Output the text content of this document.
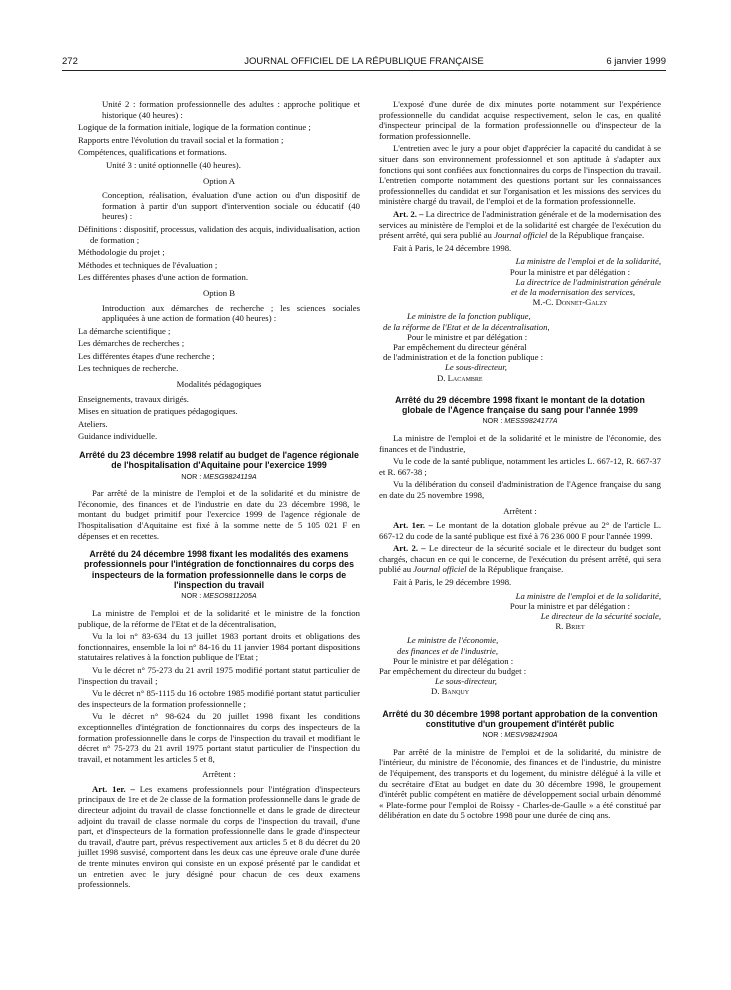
272	JOURNAL OFFICIEL DE LA RÉPUBLIQUE FRANÇAISE	6 janvier 1999

Unité 2 : formation professionnelle des adultes : approche politique et historique (40 heures) :

Logique de la formation initiale, logique de la formation continue ;

Rapports entre l'évolution du travail social et la formation ;

Compétences, qualifications et formations.

Unité 3 : unité optionnelle (40 heures).

Option A

Conception, réalisation, évaluation d'une action ou d'un dispositif de formation à partir d'un support d'intervention sociale ou éducatif (40 heures) :

Définitions : dispositif, processus, validation des acquis, individualisation, action de formation ;

Méthodologie du projet ;

Méthodes et techniques de l'évaluation ;

Les différentes phases d'une action de formation.

Option B

Introduction aux démarches de recherche ; les sciences sociales appliquées à une action de formation (40 heures) :

La démarche scientifique ;

Les démarches de recherches ;

Les différentes étapes d'une recherche ;

Les techniques de recherche.

Modalités pédagogiques

Enseignements, travaux dirigés.

Mises en situation de pratiques pédagogiques.

Ateliers.

Guidance individuelle.

Arrêté du 23 décembre 1998 relatif au budget de l'agence régionale de l'hospitalisation d'Aquitaine pour l'exercice 1999

NOR : MESG9824119A

Par arrêté de la ministre de l'emploi et de la solidarité et du ministre de l'économie, des finances et de l'industrie en date du 23 décembre 1998, le montant du budget primitif pour l'exercice 1999 de l'agence régionale de l'hospitalisation d'Aquitaine est fixé à la somme nette de 5 105 021 F en dépenses et en recettes.

Arrêté du 24 décembre 1998 fixant les modalités des examens professionnels pour l'intégration de fonctionnaires du corps des inspecteurs de la formation professionnelle dans le corps de l'inspection du travail

NOR : MESO9811205A

La ministre de l'emploi et de la solidarité et le ministre de la fonction publique, de la réforme de l'Etat et de la décentralisation,

Vu la loi n° 83-634 du 13 juillet 1983 portant droits et obligations des fonctionnaires, ensemble la loi n° 84-16 du 11 janvier 1984 portant dispositions statutaires relatives à la fonction publique de l'Etat ;

Vu le décret n° 75-273 du 21 avril 1975 modifié portant statut particulier de l'inspection du travail ;

Vu le décret n° 85-1115 du 16 octobre 1985 modifié portant statut particulier des inspecteurs de la formation professionnelle ;

Vu le décret n° 98-624 du 20 juillet 1998 fixant les conditions exceptionnelles d'intégration de fonctionnaires du corps des inspecteurs de la formation professionnelle dans le corps de l'inspection du travail et modifiant le décret n° 75-273 du 21 avril 1975 portant statut particulier de l'inspection du travail, et notamment les articles 5 et 8,

Arrêtent :

Art. 1er. – Les examens professionnels pour l'intégration d'inspecteurs principaux de 1re et de 2e classe de la formation professionnelle dans le grade de directeur adjoint du travail de classe fonctionnelle et dans le grade de directeur adjoint du travail de classe normale du corps de l'inspection du travail, d'une part, et d'inspecteurs de la formation professionnelle dans le grade d'inspecteur du travail, d'autre part, prévus respectivement aux articles 5 et 8 du décret du 20 juillet 1998 susvisé, comportent dans les deux cas une épreuve orale d'une durée de trente minutes environ qui consiste en un exposé présenté par le candidat et un entretien avec le jury désigné pour chacun de ces deux examens professionnels.

L'exposé d'une durée de dix minutes porte notamment sur l'expérience professionnelle du candidat acquise respectivement, selon le cas, en qualité d'inspecteur principal de la formation professionnelle ou d'inspecteur de la formation professionnelle.

L'entretien avec le jury a pour objet d'apprécier la capacité du candidat à se situer dans son environnement professionnel et son aptitude à s'adapter aux fonctions qui sont confiées aux fonctionnaires du corps de l'inspection du travail. L'entretien comporte notamment des questions portant sur les connaissances professionnelles du candidat et sur l'organisation et les missions des services du ministère chargé du travail, de l'emploi et de la formation professionnelle.

Art. 2. – La directrice de l'administration générale et de la modernisation des services au ministère de l'emploi et de la solidarité est chargée de l'exécution du présent arrêté, qui sera publié au Journal officiel de la République française.

Fait à Paris, le 24 décembre 1998.

La ministre de l'emploi et de la solidarité,
Pour la ministre et par délégation :
La directrice de l'administration générale
et de la modernisation des services,
M.-C. Donnet-Galzy
Le ministre de la fonction publique,
de la réforme de l'Etat et de la décentralisation,
Pour le ministre et par délégation :
Par empêchement du directeur général
de l'administration et de la fonction publique :
Le sous-directeur,
D. Lacambre

Arrêté du 29 décembre 1998 fixant le montant de la dotation globale de l'Agence française du sang pour l'année 1999

NOR : MESS9824177A

La ministre de l'emploi et de la solidarité et le ministre de l'économie, des finances et de l'industrie,

Vu le code de la santé publique, notamment les articles L. 667-12, R. 667-37 et R. 667-38 ;

Vu la délibération du conseil d'administration de l'Agence française du sang en date du 25 novembre 1998,

Arrêtent :

Art. 1er. – Le montant de la dotation globale prévue au 2° de l'article L. 667-12 du code de la santé publique est fixé à 76 236 000 F pour l'année 1999.

Art. 2. – Le directeur de la sécurité sociale et le directeur du budget sont chargés, chacun en ce qui le concerne, de l'exécution du présent arrêté, qui sera publié au Journal officiel de la République française.

Fait à Paris, le 29 décembre 1998.

La ministre de l'emploi et de la solidarité,
Pour la ministre et par délégation :
Le directeur de la sécurité sociale,
R. Briet
Le ministre de l'économie,
des finances et de l'industrie,
Pour le ministre et par délégation :
Par empêchement du directeur du budget :
Le sous-directeur,
D. Banquy

Arrêté du 30 décembre 1998 portant approbation de la convention constitutive d'un groupement d'intérêt public

NOR : MESV9824190A

Par arrêté de la ministre de l'emploi et de la solidarité, du ministre de l'intérieur, du ministre de l'économie, des finances et de l'industrie, du ministre de l'équipement, des transports et du logement, du ministre délégué à la ville et du secrétaire d'Etat au budget en date du 30 décembre 1998, le groupement d'intérêt public compétent en matière de développement social urbain dénommé « Plate-forme pour l'emploi de Roissy - Charles-de-Gaulle » a été constitué par délibération en date du 5 octobre 1998 pour une durée de cinq ans.
